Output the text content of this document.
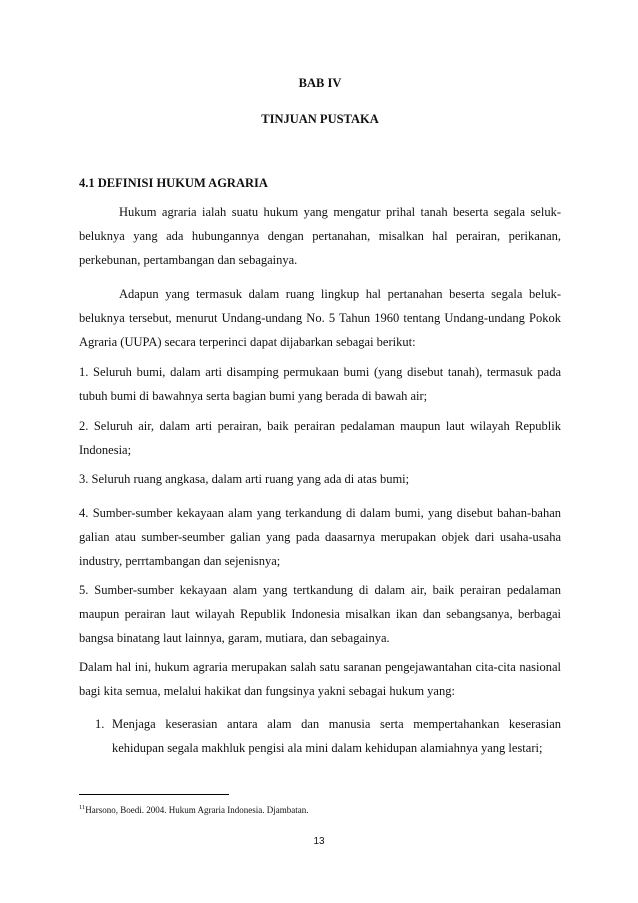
BAB IV
TINJUAN PUSTAKA
4.1 DEFINISI HUKUM AGRARIA

Hukum agraria ialah suatu hukum yang mengatur prihal tanah beserta segala seluk-beluknya yang ada hubungannya dengan pertanahan, misalkan hal perairan, perikanan, perkebunan, pertambangan dan sebagainya.

Adapun yang termasuk dalam ruang lingkup hal pertanahan beserta segala beluk-beluknya tersebut, menurut Undang-undang No. 5 Tahun 1960 tentang Undang-undang Pokok Agraria (UUPA) secara terperinci dapat dijabarkan sebagai berikut:

1. Seluruh bumi, dalam arti disamping permukaan bumi (yang disebut tanah), termasuk pada tubuh bumi di bawahnya serta bagian bumi yang berada di bawah air;

2. Seluruh air, dalam arti perairan, baik perairan pedalaman maupun laut wilayah Republik Indonesia;

3. Seluruh ruang angkasa, dalam arti ruang yang ada di atas bumi;

4. Sumber-sumber kekayaan alam yang terkandung di dalam bumi, yang disebut bahan-bahan galian atau sumber-seumber galian yang pada daasarnya merupakan objek dari usaha-usaha industry, perrtambangan dan sejenisnya;

5. Sumber-sumber kekayaan alam yang tertkandung di dalam air, baik perairan pedalaman maupun perairan laut wilayah Republik Indonesia misalkan ikan dan sebangsanya, berbagai bangsa binatang laut lainnya, garam, mutiara, dan sebagainya.

Dalam hal ini, hukum agraria merupakan salah satu saranan pengejawantahan cita-cita nasional bagi kita semua, melalui hakikat dan fungsinya yakni sebagai hukum yang:

1. Menjaga keserasian antara alam dan manusia serta mempertahankan keserasian kehidupan segala makhluk pengisi ala mini dalam kehidupan alamiahnya yang lestari;
$^{11}$Harsono, Boedi. 2004. Hukum Agraria Indonesia. Djambatan.
13
